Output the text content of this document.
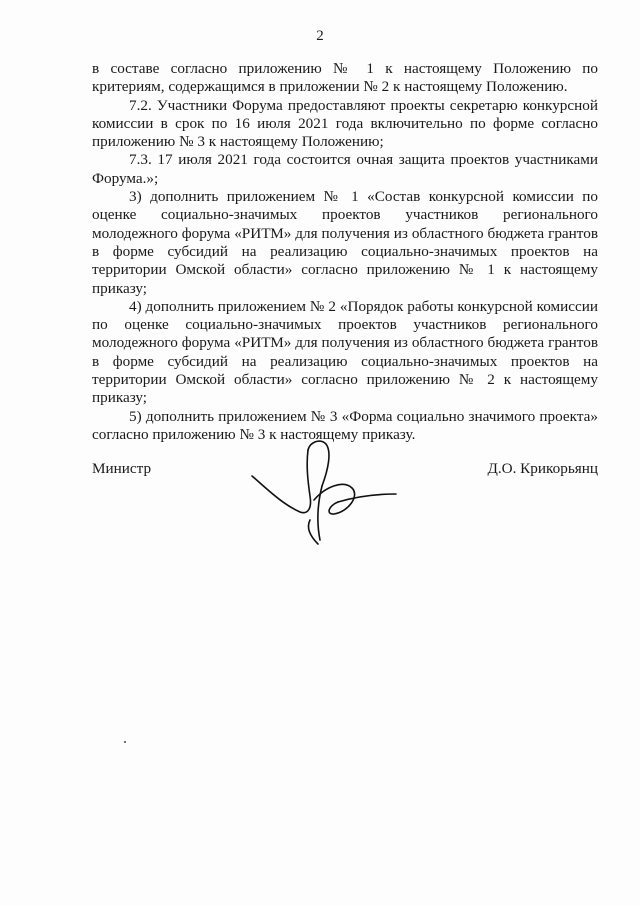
2

в составе согласно приложению № 1 к настоящему Положению по критериям, содержащимся в приложении № 2 к настоящему Положению.

7.2. Участники Форума предоставляют проекты секретарю конкурсной комиссии в срок по 16 июля 2021 года включительно по форме согласно приложению № 3 к настоящему Положению;

7.3. 17 июля 2021 года состоится очная защита проектов участниками Форума.»;

3) дополнить приложением № 1 «Состав конкурсной комиссии по оценке социально-значимых проектов участников регионального молодежного форума «РИТМ» для получения из областного бюджета грантов в форме субсидий на реализацию социально-значимых проектов на территории Омской области» согласно приложению № 1 к настоящему приказу;

4) дополнить приложением № 2 «Порядок работы конкурсной комиссии по оценке социально-значимых проектов участников регионального молодежного форума «РИТМ» для получения из областного бюджета грантов в форме субсидий на реализацию социально-значимых проектов на территории Омской области» согласно приложению № 2 к настоящему приказу;

5) дополнить приложением № 3 «Форма социально значимого проекта» согласно приложению № 3 к настоящему приказу.

Министр	Д.О. Крикорьянц
